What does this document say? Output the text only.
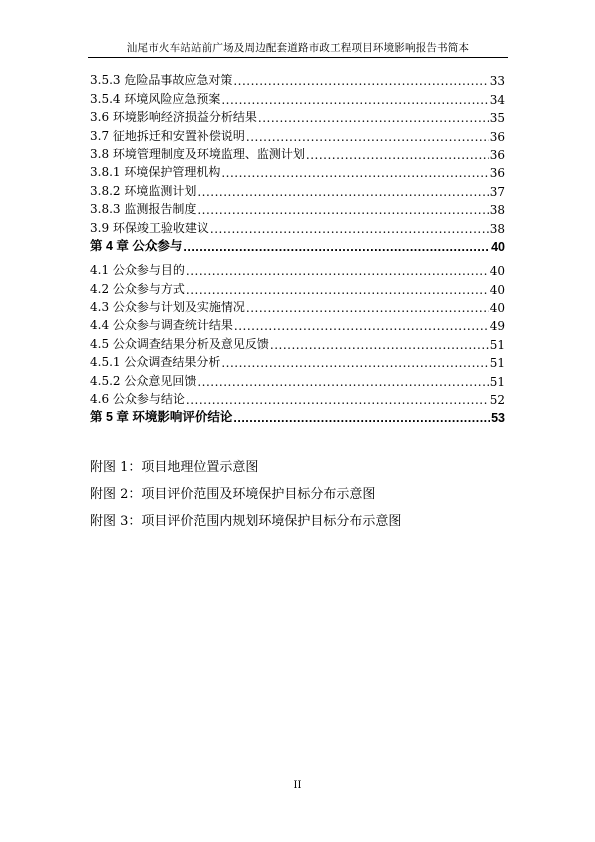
汕尾市火车站站前广场及周边配套道路市政工程项目环境影响报告书简本
3.5.3 危险品事故应急对策 .....	33
3.5.4 环境风险应急预案 .....	34
3.6 环境影响经济损益分析结果 .....	35
3.7 征地拆迁和安置补偿说明 .....	36
3.8 环境管理制度及环境监理、监测计划 .....	36
3.8.1 环境保护管理机构 .....	36
3.8.2 环境监测计划 .....	37
3.8.3 监测报告制度 .....	38
3.9 环保竣工验收建议 .....	38
第 4 章 公众参与 .....	40
4.1 公众参与目的 .....	40
4.2 公众参与方式 .....	40
4.3 公众参与计划及实施情况 .....	40
4.4 公众参与调查统计结果 .....	49
4.5 公众调查结果分析及意见反馈 .....	51
4.5.1 公众调查结果分析 .....	51
4.5.2 公众意见回馈 .....	51
4.6 公众参与结论 .....	52
第 5 章 环境影响评价结论 .....	53
附图 1：项目地理位置示意图
附图 2：项目评价范围及环境保护目标分布示意图
附图 3：项目评价范围内规划环境保护目标分布示意图
II
